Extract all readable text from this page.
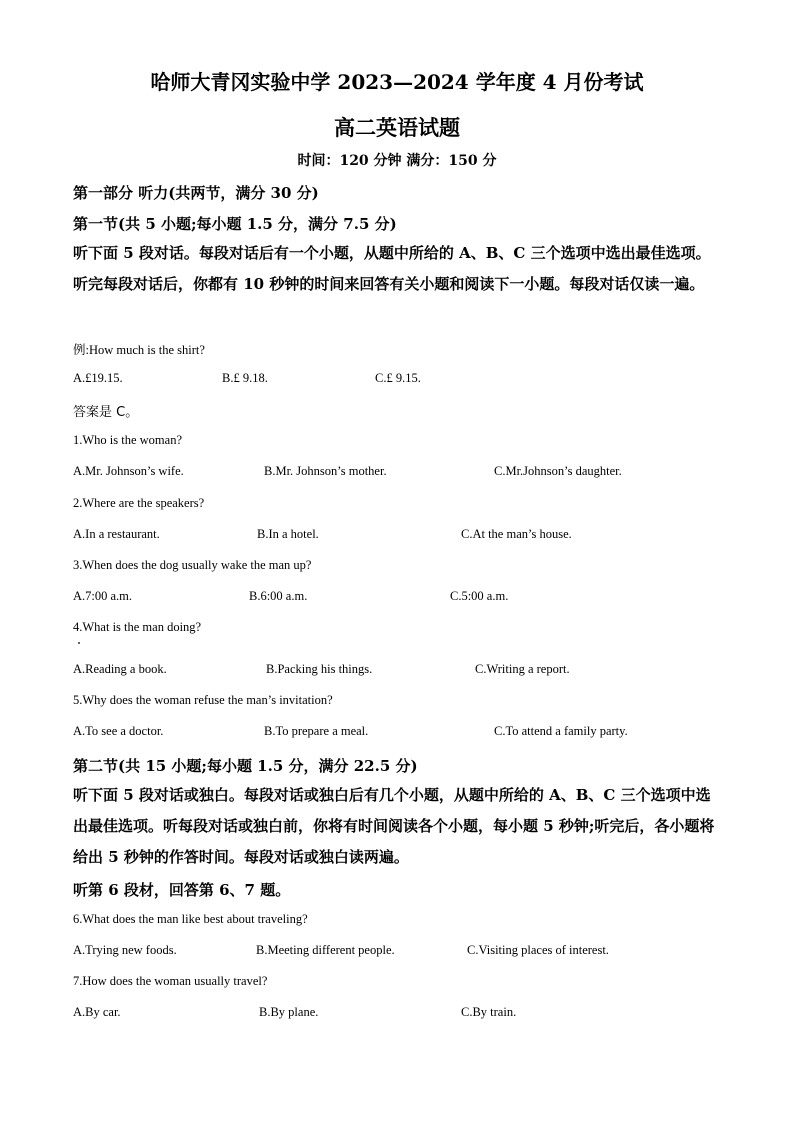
哈师大青冈实验中学 2023—2024 学年度 4 月份考试
高二英语试题
时间：120 分钟 满分：150 分
第一部分 听力(共两节，满分 30 分)
第一节(共 5 小题;每小题 1.5 分，满分 7.5 分)
听下面 5 段对话。每段对话后有一个小题，从题中所给的 A、B、C 三个选项中选出最佳选项。听完每段对话后，你都有 10 秒钟的时间来回答有关小题和阅读下一小题。每段对话仅读一遍。
例:How much is the shirt?
A.£19.15.	B.£ 9.18.	C.£ 9.15.
答案是 C。
1.Who is the woman?
A.Mr. Johnson’s wife.	B.Mr. Johnson’s mother.	C.Mr.Johnson’s daughter.
2.Where are the speakers?
A.In a restaurant.	B.In a hotel.	C.At the man’s house.
3.When does the dog usually wake the man up?
A.7:00 a.m.	B.6:00 a.m.	C.5:00 a.m.
4.What is the man doing?
A.Reading a book.	B.Packing his things.	C.Writing a report.
5.Why does the woman refuse the man’s invitation?
A.To see a doctor.	B.To prepare a meal.	C.To attend a family party.
第二节(共 15 小题;每小题 1.5 分，满分 22.5 分)
听下面 5 段对话或独白。每段对话或独白后有几个小题，从题中所给的 A、B、C 三个选项中选出最佳选项。听每段对话或独白前，你将有时间阅读各个小题，每小题 5 秒钟;听完后，各小题将给出 5 秒钟的作答时间。每段对话或独白读两遍。
听第 6 段材，回答第 6、7 题。
6.What does the man like best about traveling?
A.Trying new foods.	B.Meeting different people.	C.Visiting places of interest.
7.How does the woman usually travel?
A.By car.	B.By plane.	C.By train.
